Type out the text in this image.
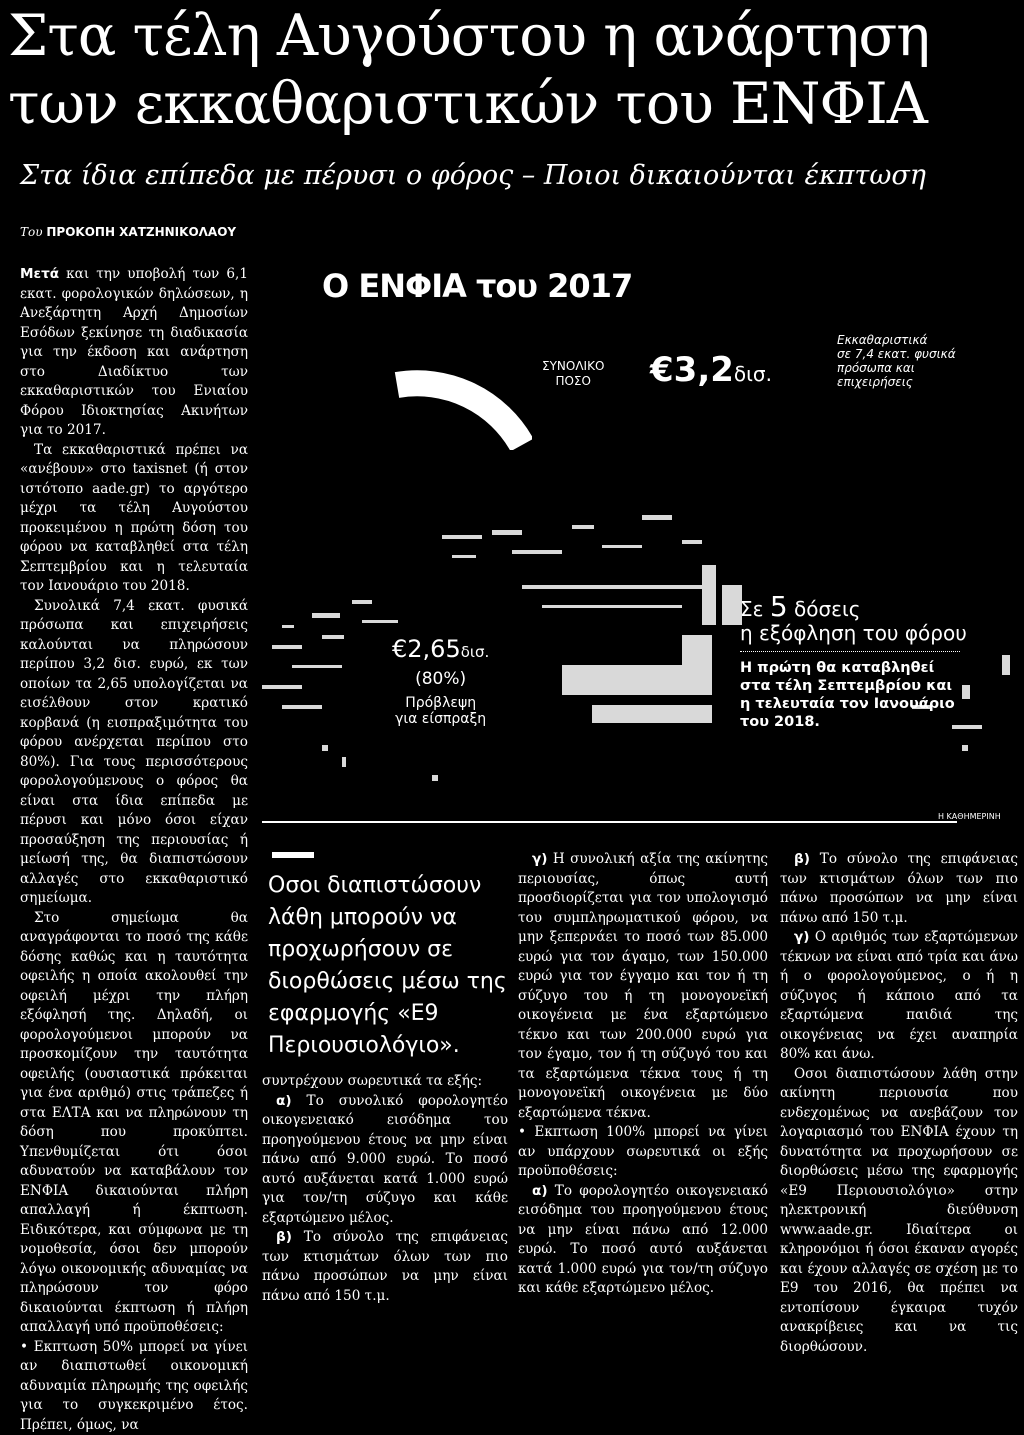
Στα τέλη Αυγούστου η ανάρτηση
των εκκαθαριστικών του ΕΝΦΙΑ
Στα ίδια επίπεδα με πέρυσι ο φόρος – Ποιοι δικαιούνται έκπτωση
Του ΠΡΟΚΟΠΗ ΧΑΤΖΗΝΙΚΟΛΑΟΥ

Μετά και την υποβολή των 6,1 εκατ. φορολογικών δηλώσεων, η Ανεξάρτητη Αρχή Δημοσίων Εσόδων ξεκίνησε τη διαδικασία για την έκδοση και ανάρτηση στο Διαδίκτυο των εκκαθαριστικών του Ενιαίου Φόρου Ιδιοκτησίας Ακινήτων για το 2017.

Τα εκκαθαριστικά πρέπει να «ανέβουν» στο taxisnet (ή στον ιστότοπο aade.gr) το αργότερο μέχρι τα τέλη Αυγούστου προκειμένου η πρώτη δόση του φόρου να καταβληθεί στα τέλη Σεπτεμβρίου και η τελευταία τον Ιανουάριο του 2018.

Συνολικά 7,4 εκατ. φυσικά πρόσωπα και επιχειρήσεις καλούνται να πληρώσουν περίπου 3,2 δισ. ευρώ, εκ των οποίων τα 2,65 υπολογίζεται να εισέλθουν στον κρατικό κορβανά (η εισπραξιμότητα του φόρου ανέρχεται περίπου στο 80%). Για τους περισσότερους φορολογούμενους ο φόρος θα είναι στα ίδια επίπεδα με πέρυσι και μόνο όσοι είχαν προσαύξηση της περιουσίας ή μείωσή της, θα διαπιστώσουν αλλαγές στο εκκαθαριστικό σημείωμα.

Στο σημείωμα θα αναγράφονται το ποσό της κάθε δόσης καθώς και η ταυτότητα οφειλής η οποία ακολουθεί την οφειλή μέχρι την πλήρη εξόφλησή της. Δηλαδή, οι φορολογούμενοι μπορούν να προσκομίζουν την ταυτότητα οφειλής (ουσιαστικά πρόκειται για ένα αριθμό) στις τράπεζες ή στα ΕΛΤΑ και να πληρώνουν τη δόση που προκύπτει. Υπενθυμίζεται ότι όσοι αδυνατούν να καταβάλουν τον ΕΝΦΙΑ δικαιούνται πλήρη απαλλαγή ή έκπτωση. Ειδικότερα, και σύμφωνα με τη νομοθεσία, όσοι δεν μπορούν λόγω οικονομικής αδυναμίας να πληρώσουν τον φόρο δικαιούνται έκπτωση ή πλήρη απαλλαγή υπό προϋποθέσεις:

• Εκπτωση 50% μπορεί να γίνει αν διαπιστωθεί οικονομική αδυναμία πληρωμής της οφειλής για το συγκεκριμένο έτος. Πρέπει, όμως, να

Ο ΕΝΦΙΑ του 2017
ΣΥΝΟΛΙΚΟ
ΠΟΣΟ	€3,2δισ.
Εκκαθαριστικά
σε 7,4 εκατ. φυσικά
πρόσωπα και
επιχειρήσεις
€2,65δισ.
(80%)
Πρόβλεψη
για είσπραξη
Σε 5 δόσεις
η εξόφληση του φόρου
Η πρώτη θα καταβληθεί
στα τέλη Σεπτεμβρίου και
η τελευταία τον Ιανουάριο
του 2018.
Η ΚΑΘΗΜΕΡΙΝΗ
Οσοι διαπιστώσουν λάθη μπορούν να προχωρήσουν σε διορθώσεις μέσω της εφαρμογής «Ε9 Περιουσιολόγιο».

συντρέχουν σωρευτικά τα εξής:

α) Το συνολικό φορολογητέο οικογενειακό εισόδημα του προηγούμενου έτους να μην είναι πάνω από 9.000 ευρώ. Το ποσό αυτό αυξάνεται κατά 1.000 ευρώ για τον/τη σύζυγο και κάθε εξαρτώμενο μέλος.

β) Το σύνολο της επιφάνειας των κτισμάτων όλων των πιο πάνω προσώπων να μην είναι πάνω από 150 τ.μ.

γ) Η συνολική αξία της ακίνητης περιουσίας, όπως αυτή προσδιορίζεται για τον υπολογισμό του συμπληρωματικού φόρου, να μην ξεπερνάει το ποσό των 85.000 ευρώ για τον άγαμο, των 150.000 ευρώ για τον έγγαμο και τον ή τη σύζυγο του ή τη μονογονεϊκή οικογένεια με ένα εξαρτώμενο τέκνο και των 200.000 ευρώ για τον έγαμο, τον ή τη σύζυγό του και τα εξαρτώμενα τέκνα τους ή τη μονογονεϊκή οικογένεια με δύο εξαρτώμενα τέκνα.

• Εκπτωση 100% μπορεί να γίνει αν υπάρχουν σωρευτικά οι εξής προϋποθέσεις:

α) Το φορολογητέο οικογενειακό εισόδημα του προηγούμενου έτους να μην είναι πάνω από 12.000 ευρώ. Το ποσό αυτό αυξάνεται κατά 1.000 ευρώ για τον/τη σύζυγο και κάθε εξαρτώμενο μέλος.

β) Το σύνολο της επιφάνειας των κτισμάτων όλων των πιο πάνω προσώπων να μην είναι πάνω από 150 τ.μ.

γ) Ο αριθμός των εξαρτώμενων τέκνων να είναι από τρία και άνω ή ο φορολογούμενος, ο ή η σύζυγος ή κάποιο από τα εξαρτώμενα παιδιά της οικογένειας να έχει αναπηρία 80% και άνω.

Οσοι διαπιστώσουν λάθη στην ακίνητη περιουσία που ενδεχομένως να ανεβάζουν τον λογαριασμό του ΕΝΦΙΑ έχουν τη δυνατότητα να προχωρήσουν σε διορθώσεις μέσω της εφαρμογής «Ε9 Περιουσιολόγιο» στην ηλεκτρονική διεύθυνση www.aade.gr. Ιδιαίτερα οι κληρονόμοι ή όσοι έκαναν αγορές και έχουν αλλαγές σε σχέση με το Ε9 του 2016, θα πρέπει να εντοπίσουν έγκαιρα τυχόν ανακρίβειες και να τις διορθώσουν.
